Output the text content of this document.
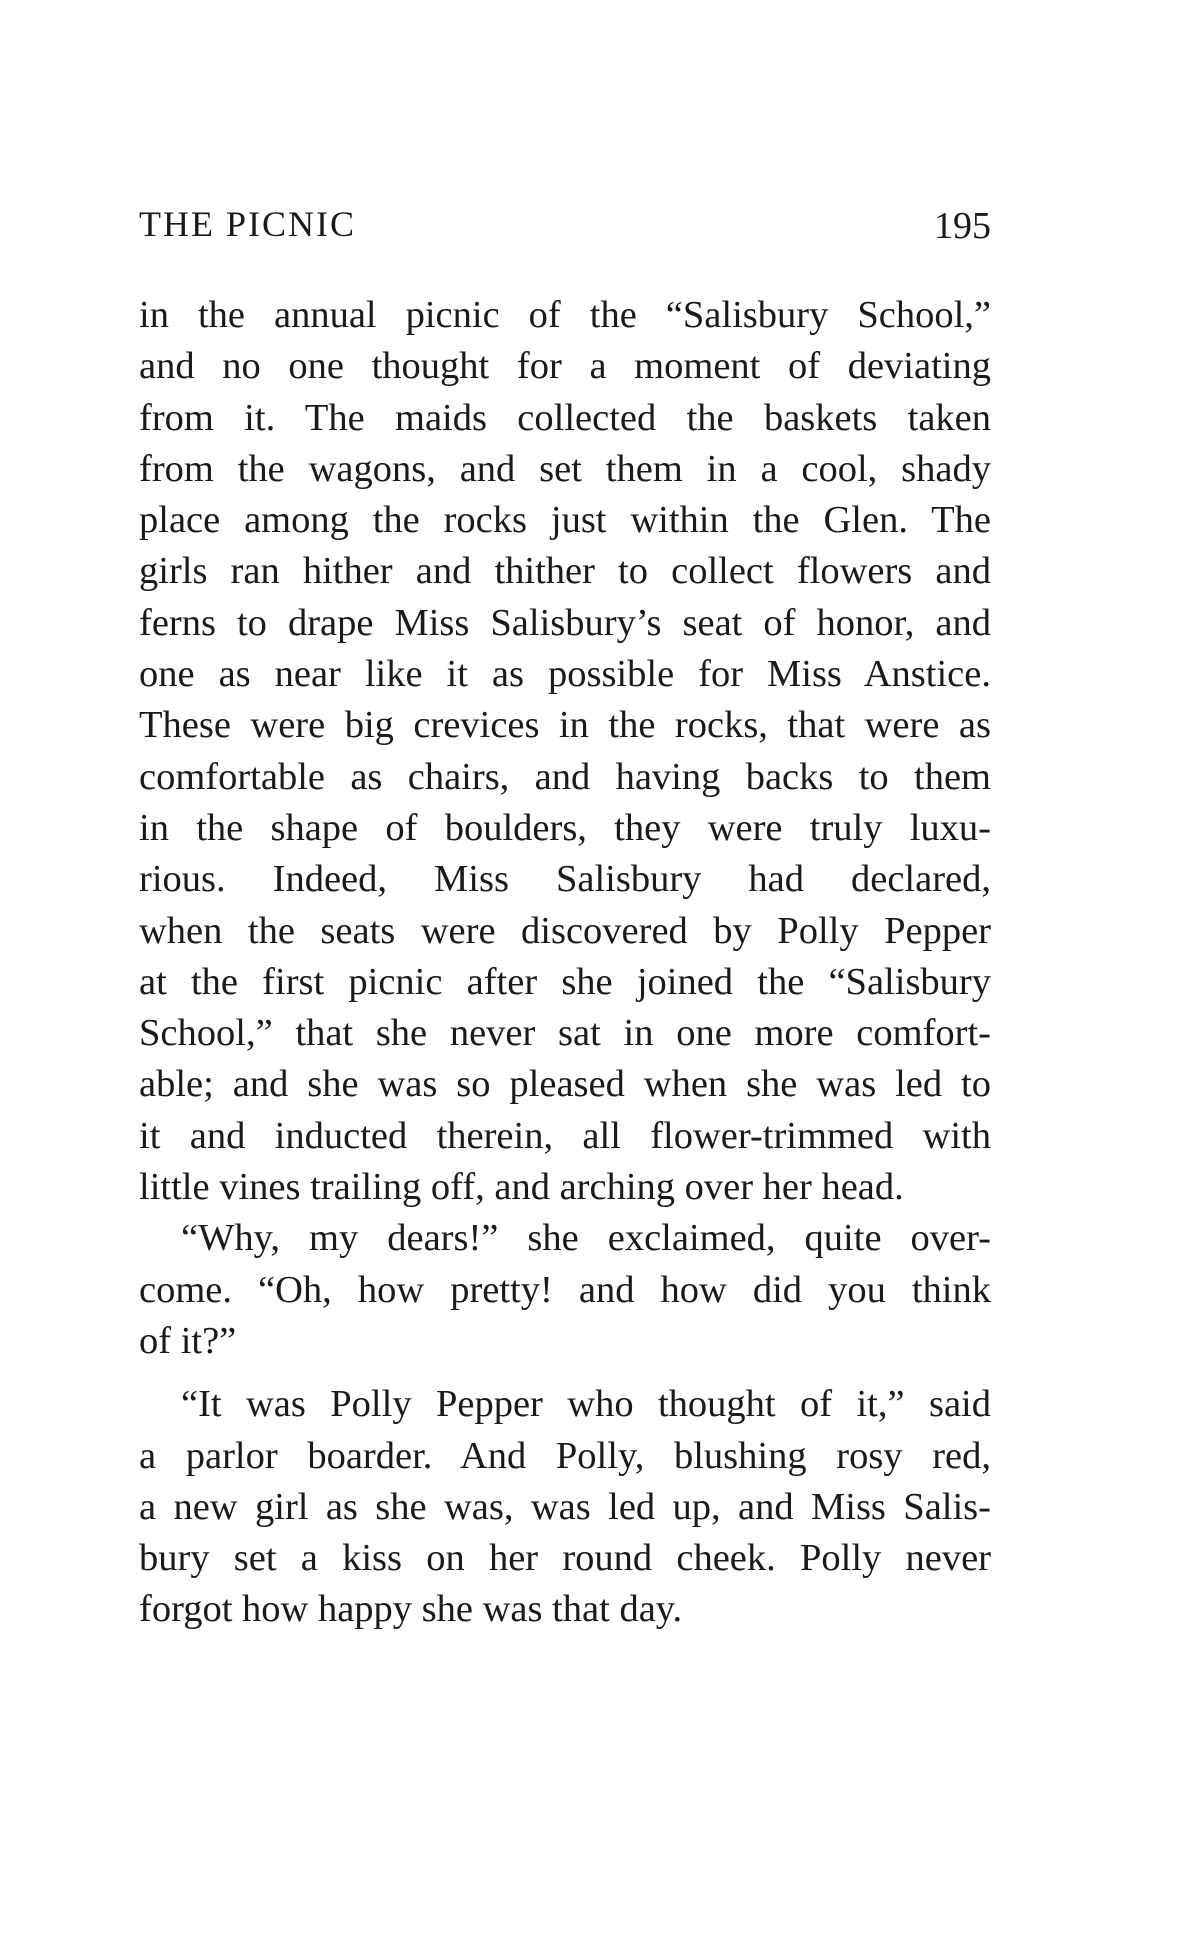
THE PICNIC	195
in the annual picnic of the “Salisbury School,”
and no one thought for a moment of deviating
from it. The maids collected the baskets taken
from the wagons, and set them in a cool, shady
place among the rocks just within the Glen. The
girls ran hither and thither to collect flowers and
ferns to drape Miss Salisbury’s seat of honor, and
one as near like it as possible for Miss Anstice.
These were big crevices in the rocks, that were as
comfortable as chairs, and having backs to them
in the shape of boulders, they were truly luxu-
rious. Indeed, Miss Salisbury had declared,
when the seats were discovered by Polly Pepper
at the first picnic after she joined the “Salisbury
School,” that she never sat in one more comfort-
able; and she was so pleased when she was led to
it and inducted therein, all flower-trimmed with
little vines trailing off, and arching over her head.
“Why, my dears!” she exclaimed, quite over-
come. “Oh, how pretty! and how did you think
of it?”
“It was Polly Pepper who thought of it,” said
a parlor boarder. And Polly, blushing rosy red,
a new girl as she was, was led up, and Miss Salis-
bury set a kiss on her round cheek. Polly never
forgot how happy she was that day.
